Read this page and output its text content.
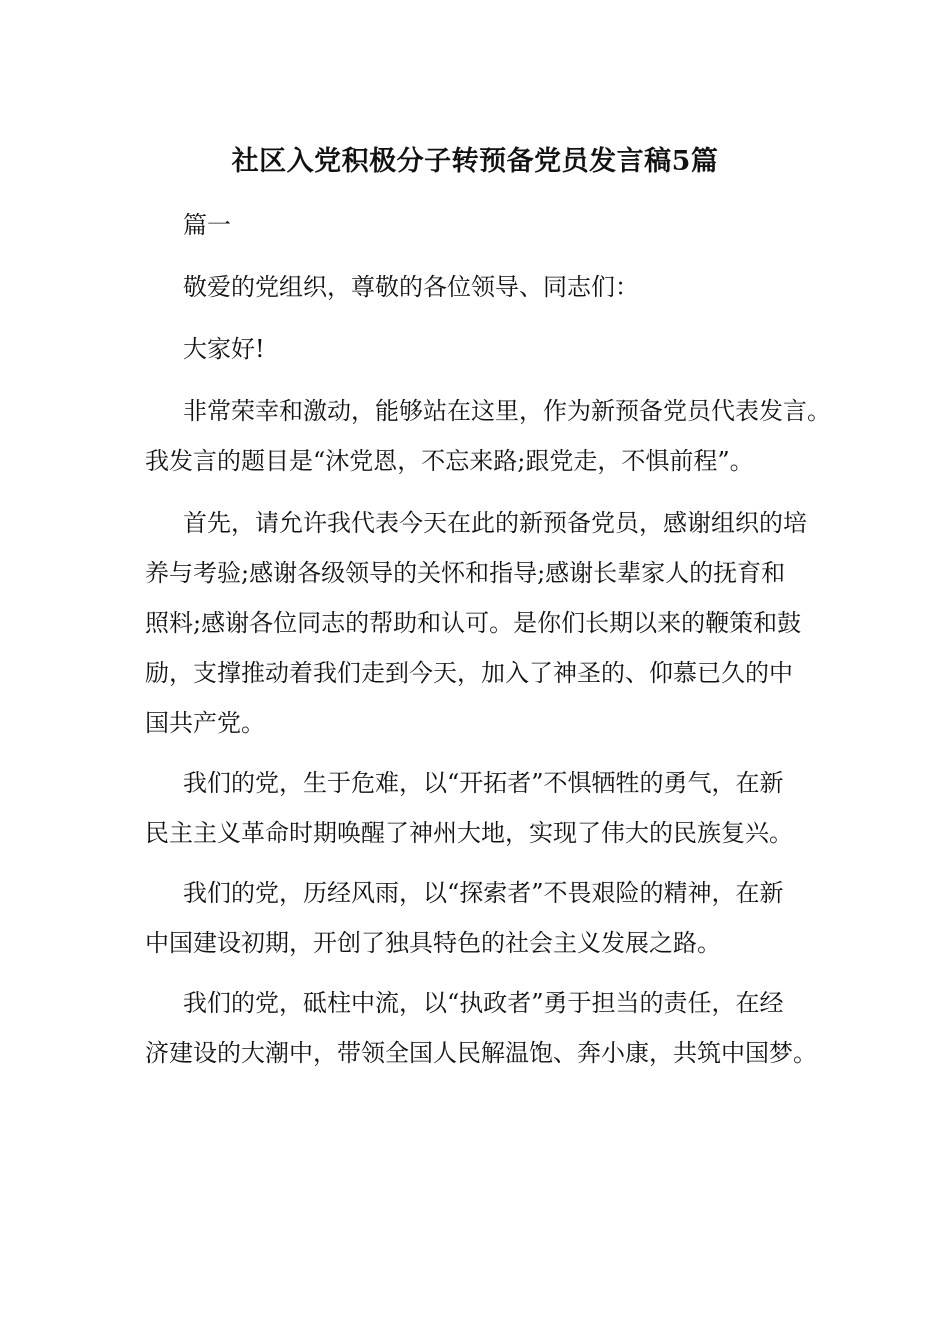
社区入党积极分子转预备党员发言稿5篇
篇一
敬爱的党组织，尊敬的各位领导、同志们：
大家好!
非常荣幸和激动，能够站在这里，作为新预备党员代表发言。
我发言的题目是“沐党恩，不忘来路;跟党走，不惧前程”。
首先，请允许我代表今天在此的新预备党员，感谢组织的培
养与考验;感谢各级领导的关怀和指导;感谢长辈家人的抚育和
照料;感谢各位同志的帮助和认可。是你们长期以来的鞭策和鼓
励，支撑推动着我们走到今天，加入了神圣的、仰慕已久的中
国共产党。
我们的党，生于危难，以“开拓者”不惧牺牲的勇气，在新
民主主义革命时期唤醒了神州大地，实现了伟大的民族复兴。
我们的党，历经风雨，以“探索者”不畏艰险的精神，在新
中国建设初期，开创了独具特色的社会主义发展之路。
我们的党，砥柱中流，以“执政者”勇于担当的责任，在经
济建设的大潮中，带领全国人民解温饱、奔小康，共筑中国梦。
